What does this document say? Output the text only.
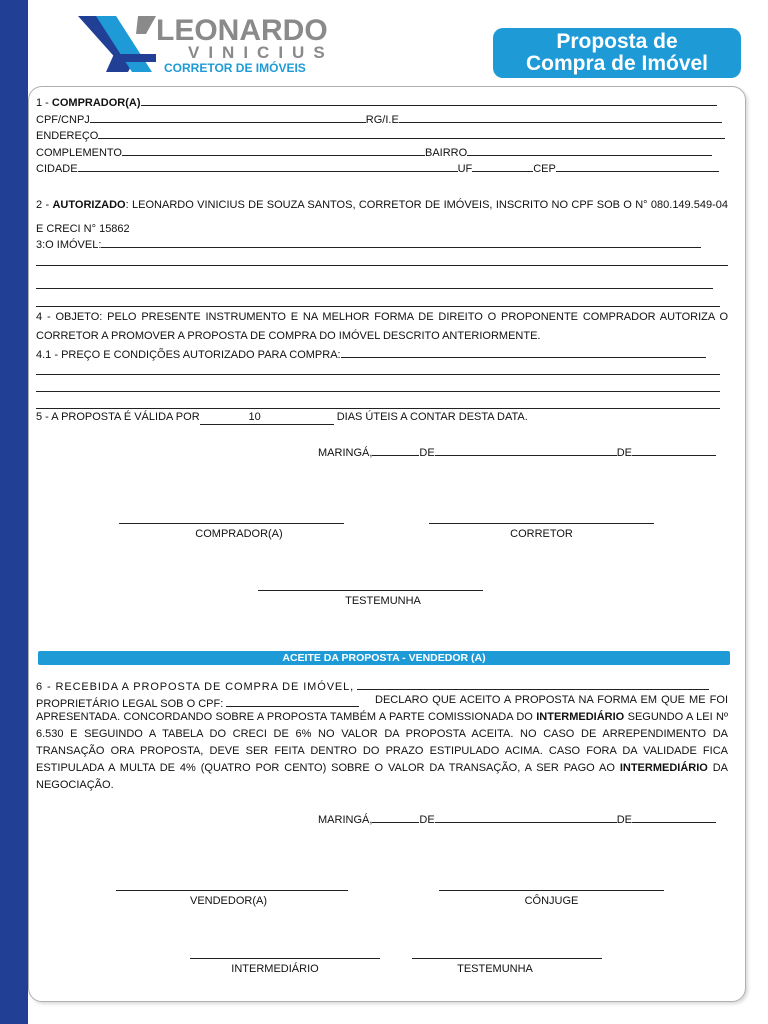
LEONARDO
VINICIUS
CORRETOR DE IMÓVEIS
Proposta de
Compra de Imóvel
1 - COMPRADOR(A)
CPF/CNPJ	RG/I.E
ENDEREÇO
COMPLEMENTO	BAIRRO
CIDADE	UF	CEP
2 - AUTORIZADO: LEONARDO VINICIUS DE SOUZA SANTOS, CORRETOR DE IMÓVEIS, INSCRITO NO CPF SOB O N° 080.149.549-04 E CRECI N° 15862
3:O IMÓVEL:
4 - OBJETO: PELO PRESENTE INSTRUMENTO E NA MELHOR FORMA DE DIREITO O PROPONENTE COMPRADOR AUTORIZA O CORRETOR A PROMOVER A PROPOSTA DE COMPRA DO IMÓVEL DESCRITO ANTERIORMENTE.
4.1 - PREÇO E CONDIÇÕES AUTORIZADO PARA COMPRA:
5 - A PROPOSTA É VÁLIDA POR	10	DIAS ÚTEIS A CONTAR DESTA DATA.
MARINGÁ,	DE	DE
COMPRADOR(A)	CORRETOR
TESTEMUNHA
ACEITE DA PROPOSTA - VENDEDOR (A)
6 - RECEBIDA A PROPOSTA DE COMPRA DE IMÓVEL,
PROPRIETÁRIO LEGAL SOB O CPF:	DECLARO QUE ACEITO A PROPOSTA NA FORMA EM QUE ME FOI APRESENTADA. CONCORDANDO SOBRE A PROPOSTA TAMBÉM A PARTE COMISSIONADA DO INTERMEDIÁRIO SEGUNDO A LEI Nº 6.530 E SEGUINDO A TABELA DO CRECI DE 6% NO VALOR DA PROPOSTA ACEITA. NO CASO DE ARREPENDIMENTO DA TRANSAÇÃO ORA PROPOSTA, DEVE SER FEITA DENTRO DO PRAZO ESTIPULADO ACIMA. CASO FORA DA VALIDADE FICA ESTIPULADA A MULTA DE 4% (QUATRO POR CENTO) SOBRE O VALOR DA TRANSAÇÃO, A SER PAGO AO INTERMEDIÁRIO DA NEGOCIAÇÃO.
MARINGÁ,	DE	DE
VENDEDOR(A)	CÔNJUGE
INTERMEDIÁRIO	TESTEMUNHA
